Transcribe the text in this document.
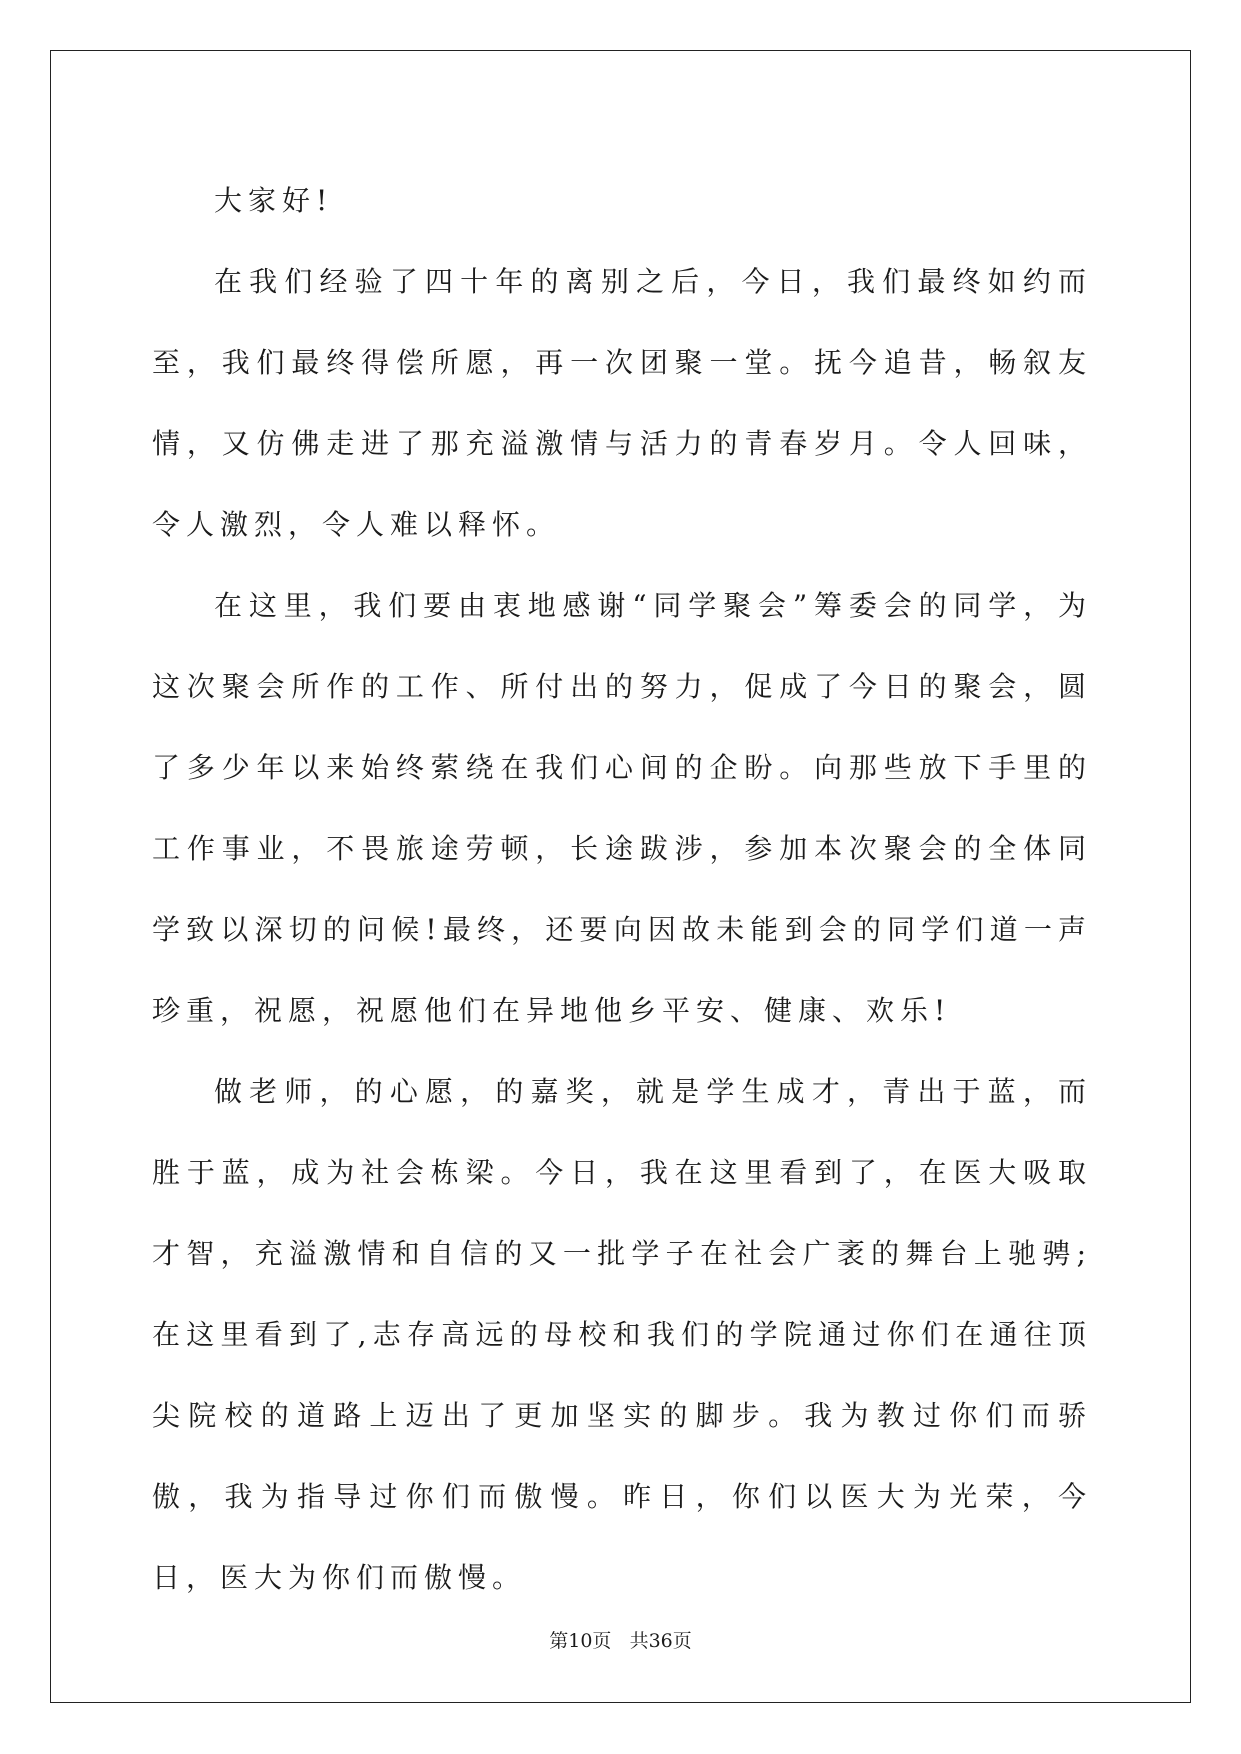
大家好!

在我们经验了四十年的离别之后，今日，我们最终如约而至，我们最终得偿所愿，再一次团聚一堂。抚今追昔，畅叙友情，又仿佛走进了那充溢激情与活力的青春岁月。令人回味，令人激烈，令人难以释怀。

在这里，我们要由衷地感谢“同学聚会”筹委会的同学，为这次聚会所作的工作、所付出的努力，促成了今日的聚会，圆了多少年以来始终萦绕在我们心间的企盼。向那些放下手里的工作事业，不畏旅途劳顿，长途跋涉，参加本次聚会的全体同学致以深切的问候!最终，还要向因故未能到会的同学们道一声珍重，祝愿，祝愿他们在异地他乡平安、健康、欢乐!

做老师，的心愿，的嘉奖，就是学生成才，青出于蓝，而胜于蓝，成为社会栋梁。今日，我在这里看到了，在医大吸取才智，充溢激情和自信的又一批学子在社会广袤的舞台上驰骋;在这里看到了,志存高远的母校和我们的学院通过你们在通往顶尖院校的道路上迈出了更加坚实的脚步。我为教过你们而骄傲，我为指导过你们而傲慢。昨日，你们以医大为光荣，今日，医大为你们而傲慢。

第10页 共36页
